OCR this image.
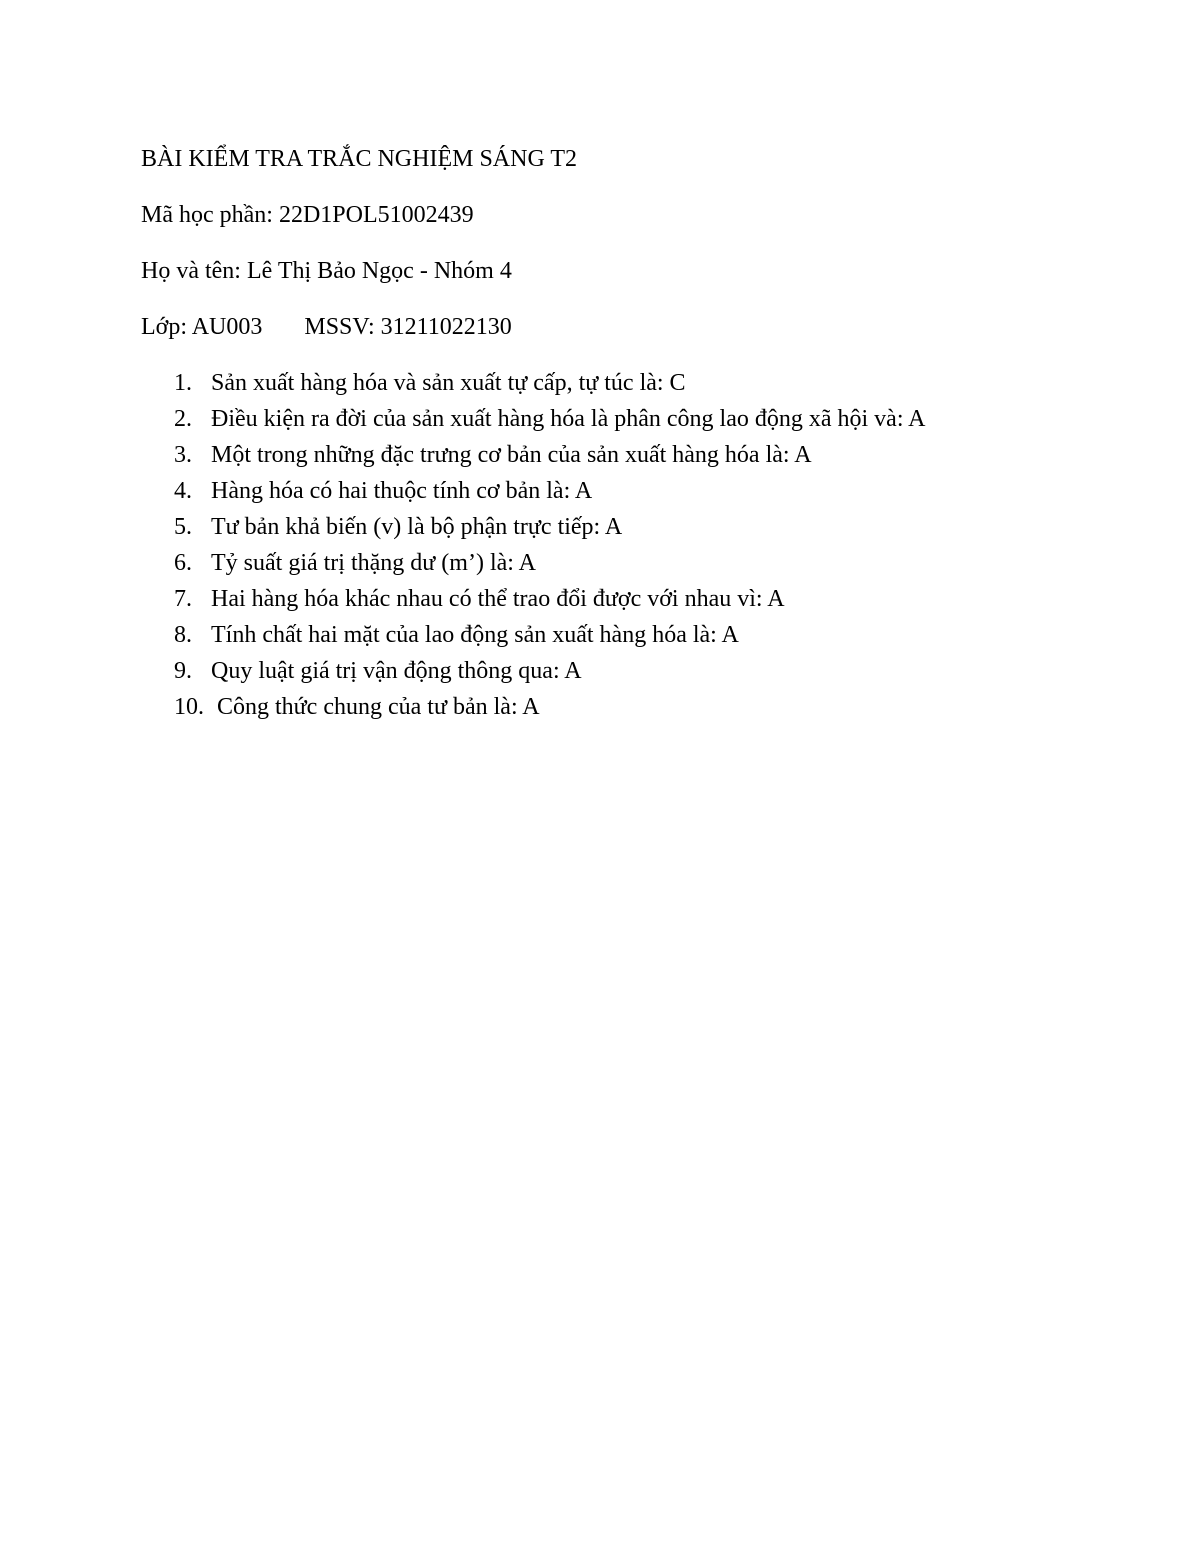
BÀI KIỂM TRA TRẮC NGHIỆM SÁNG T2

Mã học phần: 22D1POL51002439

Họ và tên: Lê Thị Bảo Ngọc - Nhóm 4

Lớp: AU003 MSSV: 31211022130

1. Sản xuất hàng hóa và sản xuất tự cấp, tự túc là: C
2. Điều kiện ra đời của sản xuất hàng hóa là phân công lao động xã hội và: A
3. Một trong những đặc trưng cơ bản của sản xuất hàng hóa là: A
4. Hàng hóa có hai thuộc tính cơ bản là: A
5. Tư bản khả biến (v) là bộ phận trực tiếp: A
6. Tỷ suất giá trị thặng dư (m’) là: A
7. Hai hàng hóa khác nhau có thể trao đổi được với nhau vì: A
8. Tính chất hai mặt của lao động sản xuất hàng hóa là: A
9. Quy luật giá trị vận động thông qua: A
10. Công thức chung của tư bản là: A
